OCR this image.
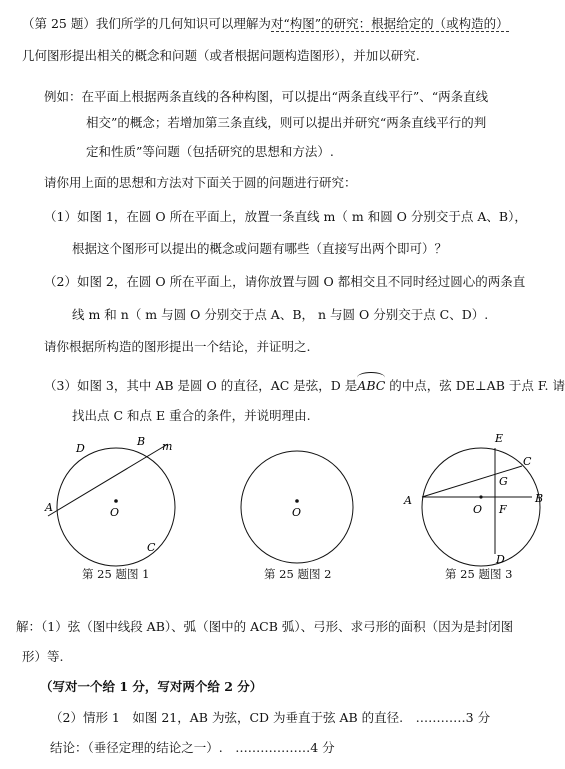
（第 25 题）我们所学的几何知识可以理解为对“构图”的研究：根据给定的（或构造的）
几何图形提出相关的概念和问题（或者根据问题构造图形），并加以研究.
例如：在平面上根据两条直线的各种构图，可以提出“两条直线平行”、“两条直线
相交”的概念；若增加第三条直线，则可以提出并研究“两条直线平行的判
定和性质”等问题（包括研究的思想和方法）.
请你用上面的思想和方法对下面关于圆的问题进行研究：
（1）如图 1，在圆 O 所在平面上，放置一条直线 m（ m 和圆 O 分别交于点 A、B），
根据这个图形可以提出的概念或问题有哪些（直接写出两个即可）？
（2）如图 2，在圆 O 所在平面上，请你放置与圆 O 都相交且不同时经过圆心的两条直
线 m 和 n（ m 与圆 O 分别交于点 A、B， n 与圆 O 分别交于点 C、D）.
请你根据所构造的图形提出一个结论，并证明之.
（3）如图 3，其中 AB 是圆 O 的直径，AC 是弦，D 是ABC 的中点，弦 DE⊥AB 于点 F. 请
找出点 C 和点 E 重合的条件，并说明理由.
D
B m
A	O
C
O
E
C
G
A
O F
B
D
第 25 题图 1	第 25 题图 2	第 25 题图 3
解：（1）弦（图中线段 AB）、弧（图中的 ACB 弧）、弓形、求弓形的面积（因为是封闭图
形）等.
（写对一个给 1 分，写对两个给 2 分）
（2）情形 1　如图 21，AB 为弦，CD 为垂直于弦 AB 的直径.　…………3 分
结论：（垂径定理的结论之一）.　………………4 分
